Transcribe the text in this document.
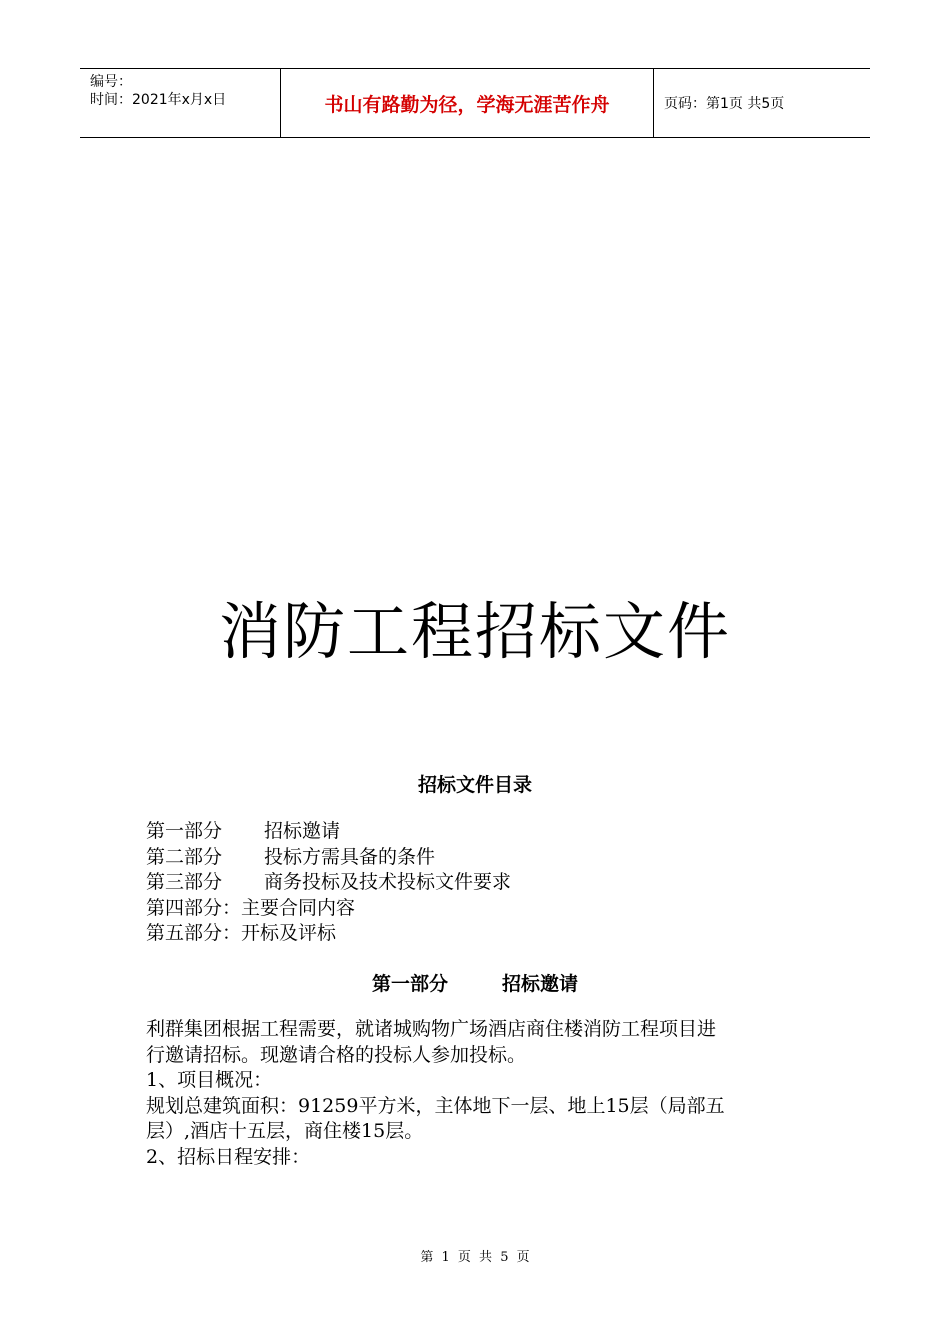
编号：
时间：2021年x月x日	书山有路勤为径，学海无涯苦作舟	页码：第1页 共5页
消防工程招标文件
招标文件目录
第一部分	招标邀请
第二部分	投标方需具备的条件
第三部分	商务投标及技术投标文件要求
第四部分：主要合同内容
第五部分：开标及评标
第一部分	招标邀请

利群集团根据工程需要，就诸城购物广场酒店商住楼消防工程项目进

行邀请招标。现邀请合格的投标人参加投标。

1、项目概况：

规划总建筑面积：91259平方米，主体地下一层、地上15层（局部五

层）,酒店十五层，商住楼15层。

2、招标日程安排：

第 1 页 共 5 页
